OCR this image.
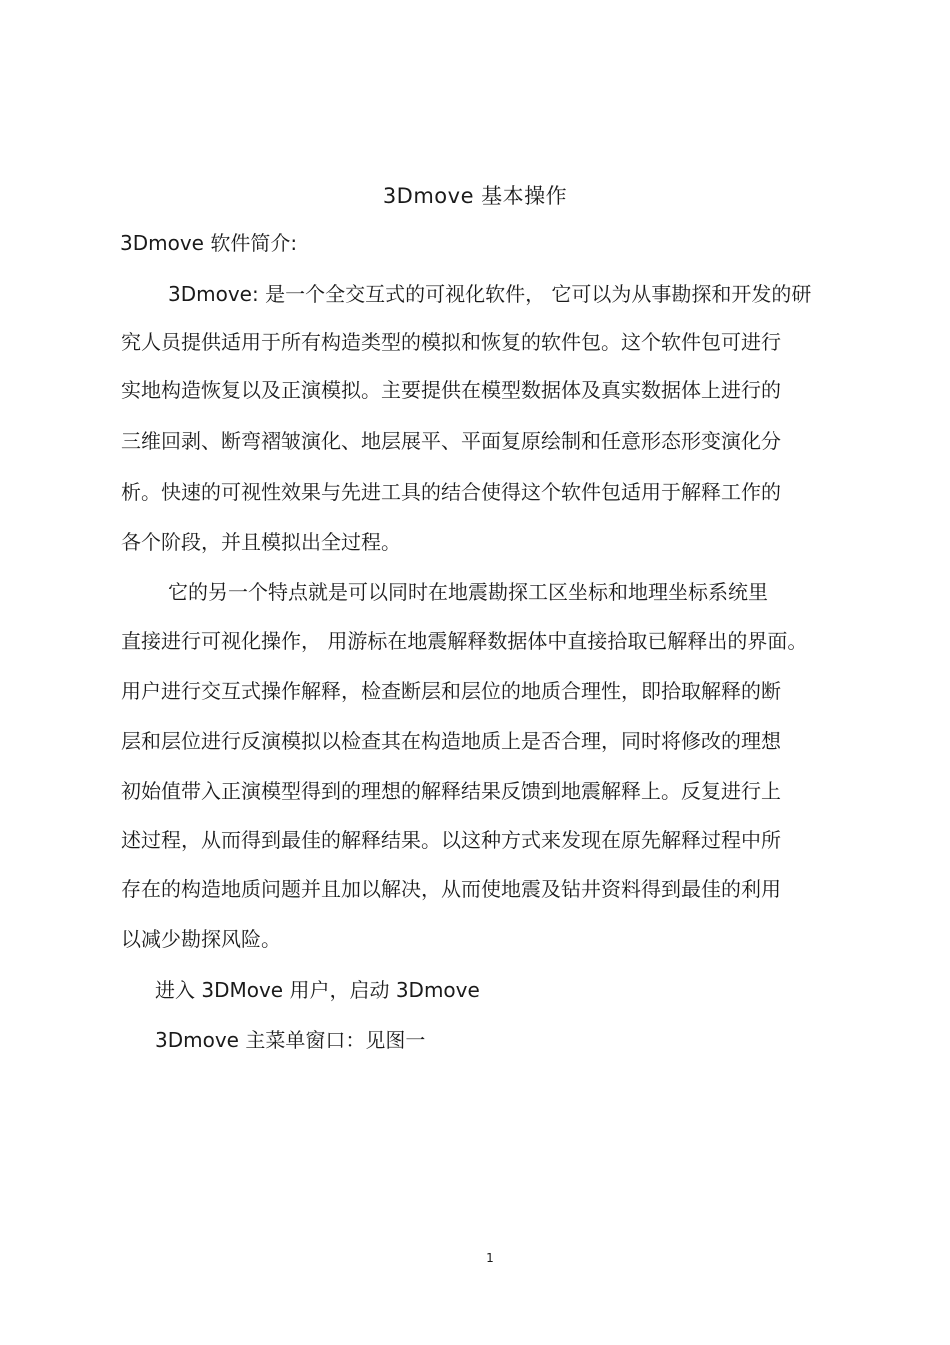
3Dmove 基本操作
3Dmove 软件简介:
3Dmove: 是一个全交互式的可视化软件， 它可以为从事勘探和开发的研
究人员提供适用于所有构造类型的模拟和恢复的软件包。这个软件包可进行
实地构造恢复以及正演模拟。主要提供在模型数据体及真实数据体上进行的
三维回剥、断弯褶皱演化、地层展平、平面复原绘制和任意形态形变演化分
析。快速的可视性效果与先进工具的结合使得这个软件包适用于解释工作的
各个阶段，并且模拟出全过程。
它的另一个特点就是可以同时在地震勘探工区坐标和地理坐标系统里
直接进行可视化操作， 用游标在地震解释数据体中直接拾取已解释出的界面。
用户进行交互式操作解释，检查断层和层位的地质合理性，即拾取解释的断
层和层位进行反演模拟以检查其在构造地质上是否合理，同时将修改的理想
初始值带入正演模型得到的理想的解释结果反馈到地震解释上。反复进行上
述过程，从而得到最佳的解释结果。以这种方式来发现在原先解释过程中所
存在的构造地质问题并且加以解决，从而使地震及钻井资料得到最佳的利用
以减少勘探风险。
进入 3DMove 用户，启动 3Dmove
3Dmove 主菜单窗口：见图一
1
